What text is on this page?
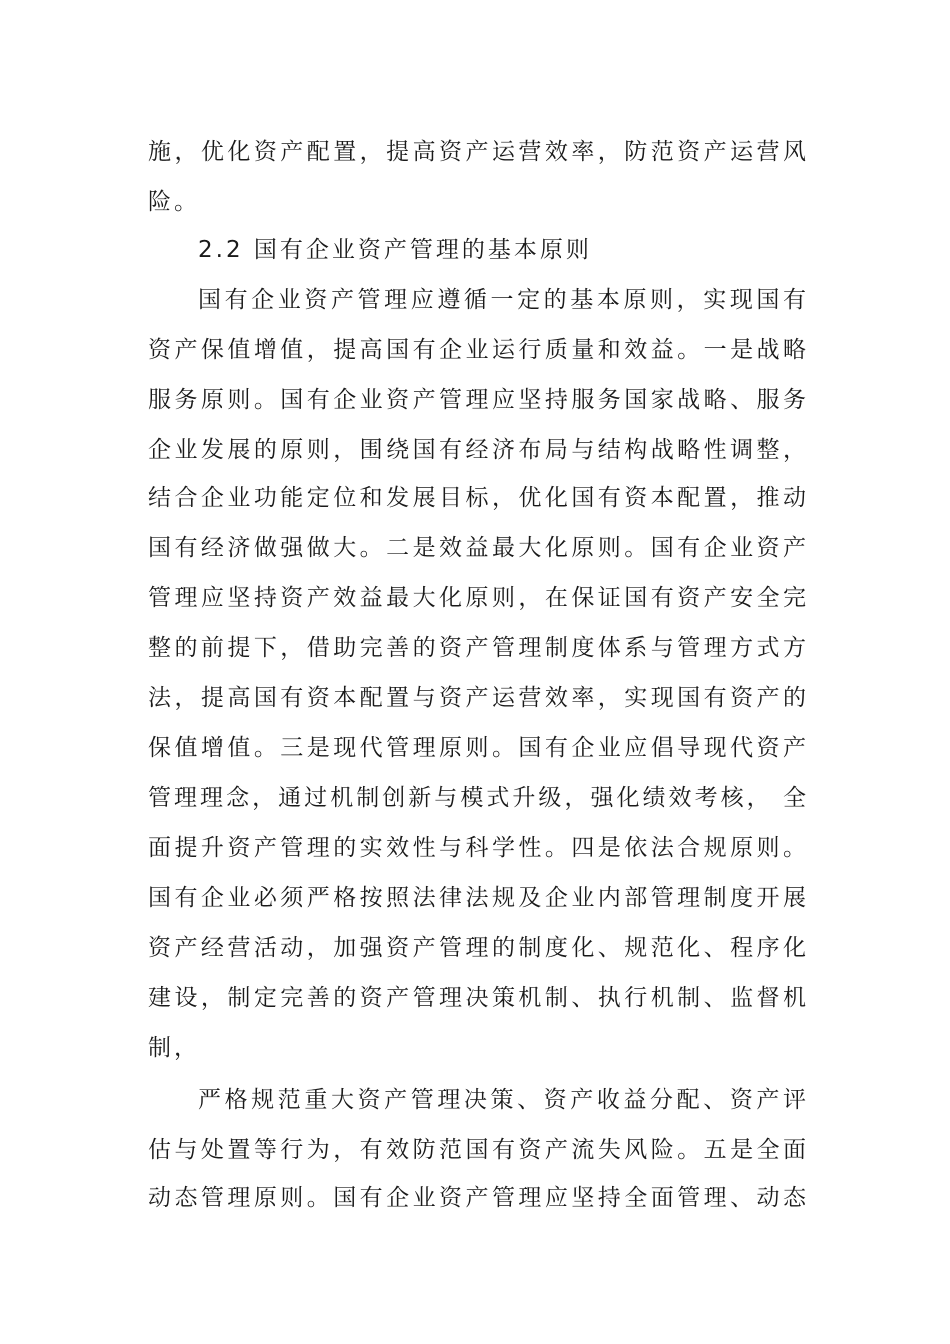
施，优化资产配置，提高资产运营效率，防范资产运营风
险。
2.2 国有企业资产管理的基本原则
国有企业资产管理应遵循一定的基本原则，实现国有
资产保值增值，提高国有企业运行质量和效益。一是战略
服务原则。国有企业资产管理应坚持服务国家战略、服务
企业发展的原则，围绕国有经济布局与结构战略性调整，
结合企业功能定位和发展目标，优化国有资本配置，推动
国有经济做强做大。二是效益最大化原则。国有企业资产
管理应坚持资产效益最大化原则，在保证国有资产安全完
整的前提下，借助完善的资产管理制度体系与管理方式方
法，提高国有资本配置与资产运营效率，实现国有资产的
保值增值。三是现代管理原则。国有企业应倡导现代资产
管理理念，通过机制创新与模式升级，强化绩效考核， 全
面提升资产管理的实效性与科学性。四是依法合规原则。
国有企业必须严格按照法律法规及企业内部管理制度开展
资产经营活动，加强资产管理的制度化、规范化、程序化
建设，制定完善的资产管理决策机制、执行机制、监督机
制，
严格规范重大资产管理决策、资产收益分配、资产评
估与处置等行为，有效防范国有资产流失风险。五是全面
动态管理原则。国有企业资产管理应坚持全面管理、动态
